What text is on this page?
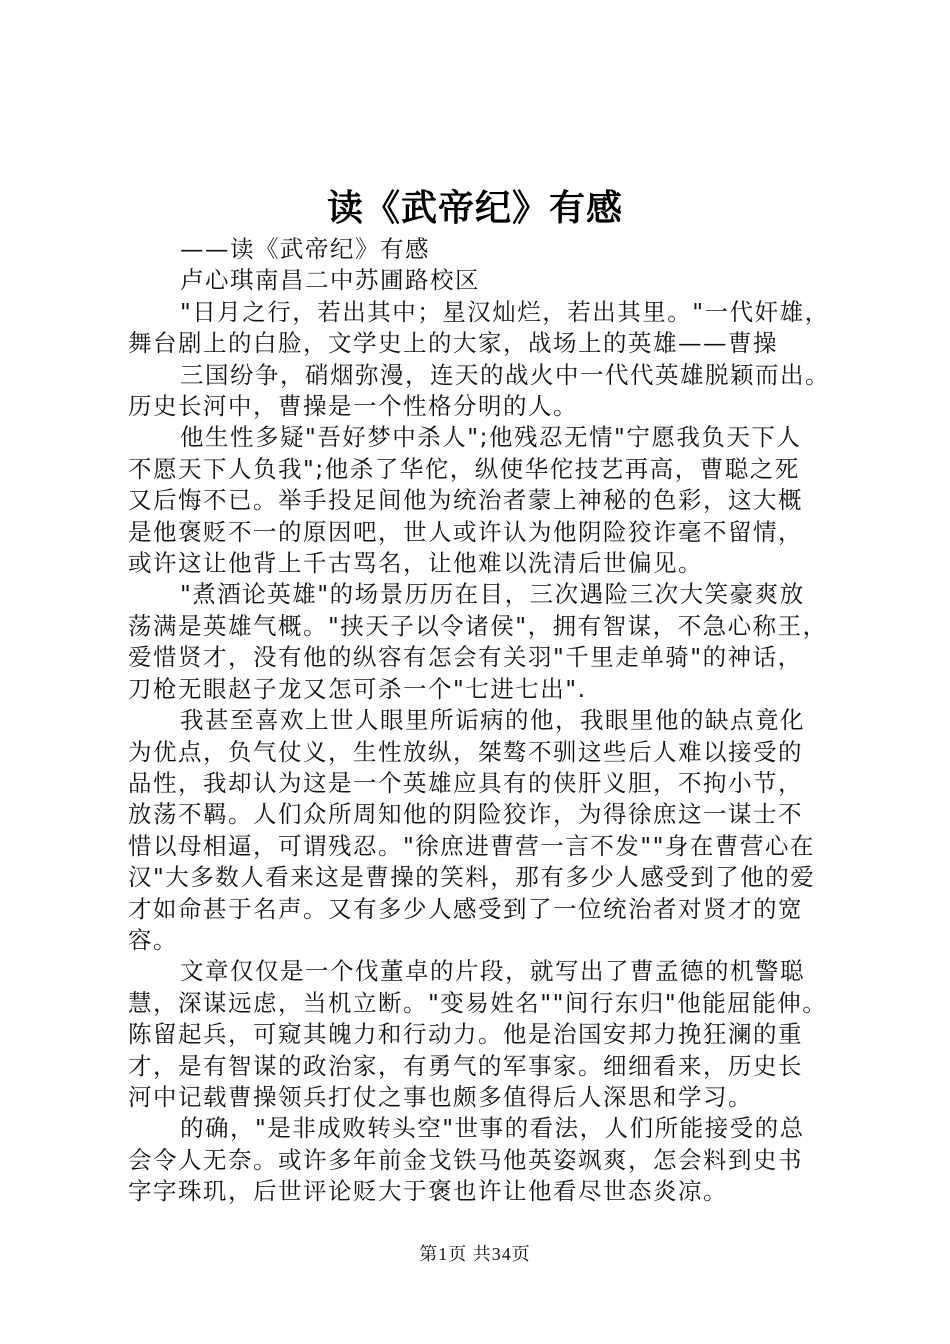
读《武帝纪》有感
——读《武帝纪》有感
卢心琪南昌二中苏圃路校区
"日月之行，若出其中；星汉灿烂，若出其里。"一代奸雄，
舞台剧上的白脸，文学史上的大家，战场上的英雄——曹操
三国纷争，硝烟弥漫，连天的战火中一代代英雄脱颖而出。
历史长河中，曹操是一个性格分明的人。
他生性多疑"吾好梦中杀人";他残忍无情"宁愿我负天下人
不愿天下人负我";他杀了华佗，纵使华佗技艺再高，曹聪之死
又后悔不已。举手投足间他为统治者蒙上神秘的色彩，这大概
是他褒贬不一的原因吧，世人或许认为他阴险狡诈毫不留情，
或许这让他背上千古骂名，让他难以洗清后世偏见。
"煮酒论英雄"的场景历历在目，三次遇险三次大笑豪爽放
荡满是英雄气概。"挟天子以令诸侯"，拥有智谋，不急心称王，
爱惜贤才，没有他的纵容有怎会有关羽"千里走单骑"的神话，
刀枪无眼赵子龙又怎可杀一个"七进七出".
我甚至喜欢上世人眼里所诟病的他，我眼里他的缺点竟化
为优点，负气仗义，生性放纵，桀骜不驯这些后人难以接受的
品性，我却认为这是一个英雄应具有的侠肝义胆，不拘小节，
放荡不羁。人们众所周知他的阴险狡诈，为得徐庶这一谋士不
惜以母相逼，可谓残忍。"徐庶进曹营一言不发""身在曹营心在
汉"大多数人看来这是曹操的笑料，那有多少人感受到了他的爱
才如命甚于名声。又有多少人感受到了一位统治者对贤才的宽
容。
文章仅仅是一个伐董卓的片段，就写出了曹孟德的机警聪
慧，深谋远虑，当机立断。"变易姓名""间行东归"他能屈能伸。
陈留起兵，可窥其魄力和行动力。他是治国安邦力挽狂澜的重
才，是有智谋的政治家，有勇气的军事家。细细看来，历史长
河中记载曹操领兵打仗之事也颇多值得后人深思和学习。
的确，"是非成败转头空"世事的看法，人们所能接受的总
会令人无奈。或许多年前金戈铁马他英姿飒爽，怎会料到史书
字字珠玑，后世评论贬大于褒也许让他看尽世态炎凉。
第1页 共34页
